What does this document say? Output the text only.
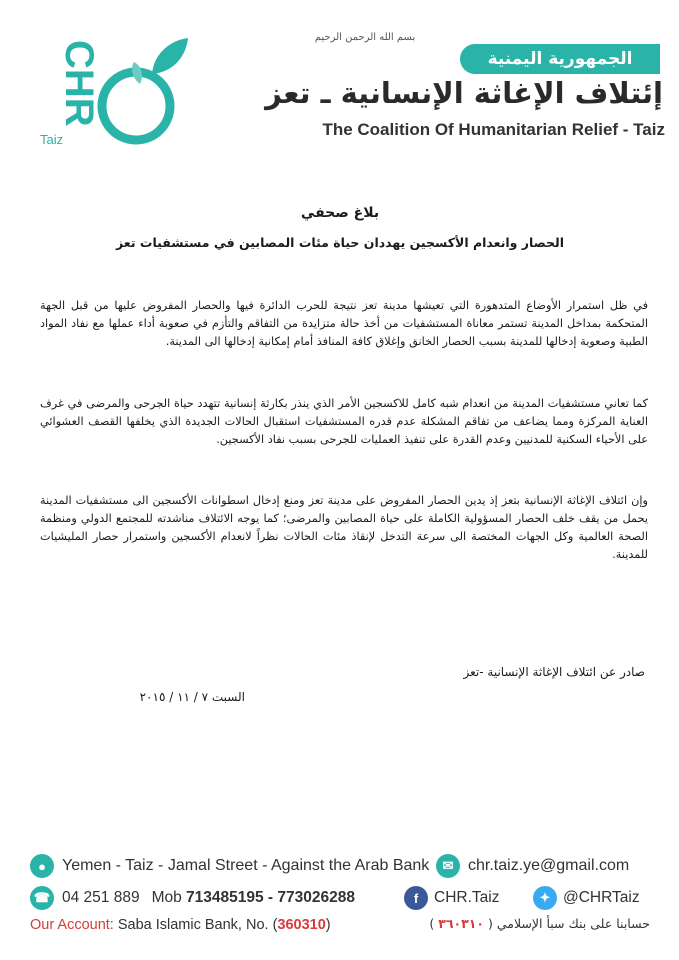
بسم الله الرحمن الرحيم
الجمهورية اليمنية
إئتلاف الإغاثة الإنسانية ـ تعز
The Coalition Of Humanitarian Relief - Taiz
CHR
Taiz
بلاغ صحفي
الحصار وانعدام الأكسجين يهددان حياة مئات المصابين في مستشفيات تعز

في ظل استمرار الأوضاع المتدهورة التي تعيشها مدينة تعز نتيجة للحرب الدائرة فيها والحصار المفروض عليها من قبل الجهة المتحكمة بمداخل المدينة تستمر معاناة المستشفيات من أخذ حالة متزايدة من التفاقم والتأزم في صعوبة أداء عملها مع نفاد المواد الطبية وصعوبة إدخالها للمدينة بسبب الحصار الخانق وإغلاق كافة المنافذ أمام إمكانية إدخالها الى المدينة.

كما تعاني مستشفيات المدينة من انعدام شبه كامل للاكسجين الأمر الذي ينذر بكارثة إنسانية تتهدد حياة الجرحى والمرضى في غرف العناية المركزة ومما يضاعف من تفاقم المشكلة عدم قدره المستشفيات استقبال الحالات الجديدة الذي يخلفها القصف العشوائي على الأحياء السكنية للمدنيين وعدم القدرة على تنفيذ العمليات للجرحى بسبب نفاد الأكسجين.

وإن ائتلاف الإغاثة الإنسانية بتعز إذ يدين الحصار المفروض على مدينة تعز ومنع إدخال اسطوانات الأكسجين الى مستشفيات المدينة يحمل من يقف خلف الحصار المسؤولية الكاملة على حياة المصابين والمرضى؛ كما يوجه الائتلاف مناشدته للمجتمع الدولي ومنظمة الصحة العالمية وكل الجهات المختصة الى سرعة التدخل لإنقاذ مئات الحالات نظراً لانعدام الأكسجين واستمرار حصار المليشيات للمدينة.

صادر عن ائتلاف الإغاثة الإنسانية -تعز
السبت ٧ / ١١ / ٢٠١٥
●	Yemen - Taiz - Jamal Street - Against the Arab Bank	✉ chr.taiz.ye@gmail.com
☎ 04 251 889 Mob 713485195 - 773026288	f	CHR.Taiz	✦ @CHRTaiz
Our Account: Saba Islamic Bank, No. ( 360310 )	حسابنا على بنك سبأ الإسلامي ( ٣٦٠٣١٠ )
